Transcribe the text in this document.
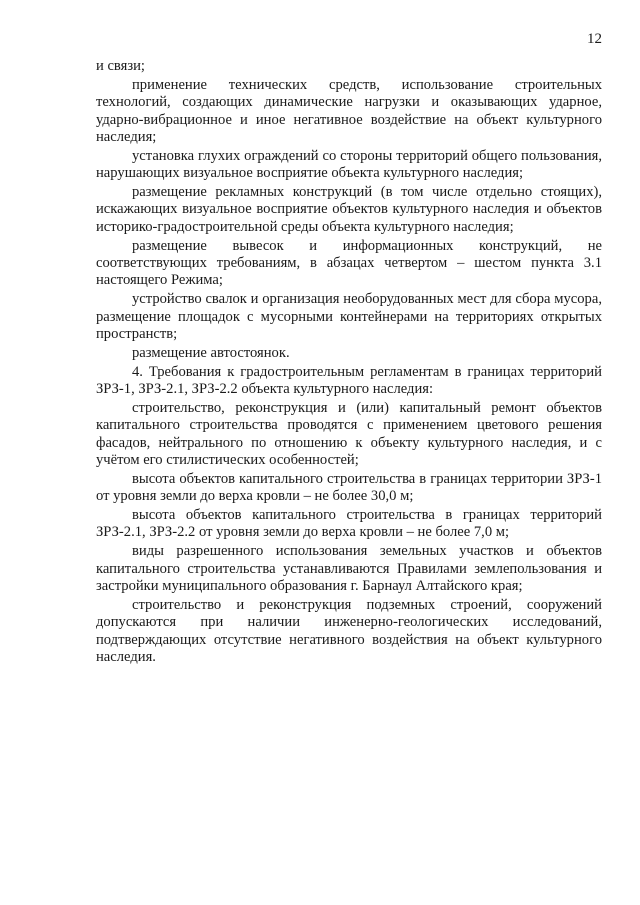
12

и связи;

применение технических средств, использование строительных технологий, создающих динамические нагрузки и оказывающих ударное, ударно-вибрационное и иное негативное воздействие на объект культурного наследия;

установка глухих ограждений со стороны территорий общего пользования, нарушающих визуальное восприятие объекта культурного наследия;

размещение рекламных конструкций (в том числе отдельно стоящих), искажающих визуальное восприятие объектов культурного наследия и объектов историко-градостроительной среды объекта культурного наследия;

размещение вывесок и информационных конструкций, не соответствующих требованиям, в абзацах четвертом – шестом пункта 3.1 настоящего Режима;

устройство свалок и организация необорудованных мест для сбора мусора, размещение площадок с мусорными контейнерами на территориях открытых пространств;

размещение автостоянок.

4. Требования к градостроительным регламентам в границах территорий ЗРЗ-1, ЗРЗ-2.1, ЗРЗ-2.2 объекта культурного наследия:

строительство, реконструкция и (или) капитальный ремонт объектов капитального строительства проводятся с применением цветового решения фасадов, нейтрального по отношению к объекту культурного наследия, и с учётом его стилистических особенностей;

высота объектов капитального строительства в границах территории ЗРЗ-1 от уровня земли до верха кровли – не более 30,0 м;

высота объектов капитального строительства в границах территорий ЗРЗ-2.1, ЗРЗ-2.2 от уровня земли до верха кровли – не более 7,0 м;

виды разрешенного использования земельных участков и объектов капитального строительства устанавливаются Правилами землепользования и застройки муниципального образования г. Барнаул Алтайского края;

строительство и реконструкция подземных строений, сооружений допускаются при наличии инженерно-геологических исследований, подтверждающих отсутствие негативного воздействия на объект культурного наследия.
